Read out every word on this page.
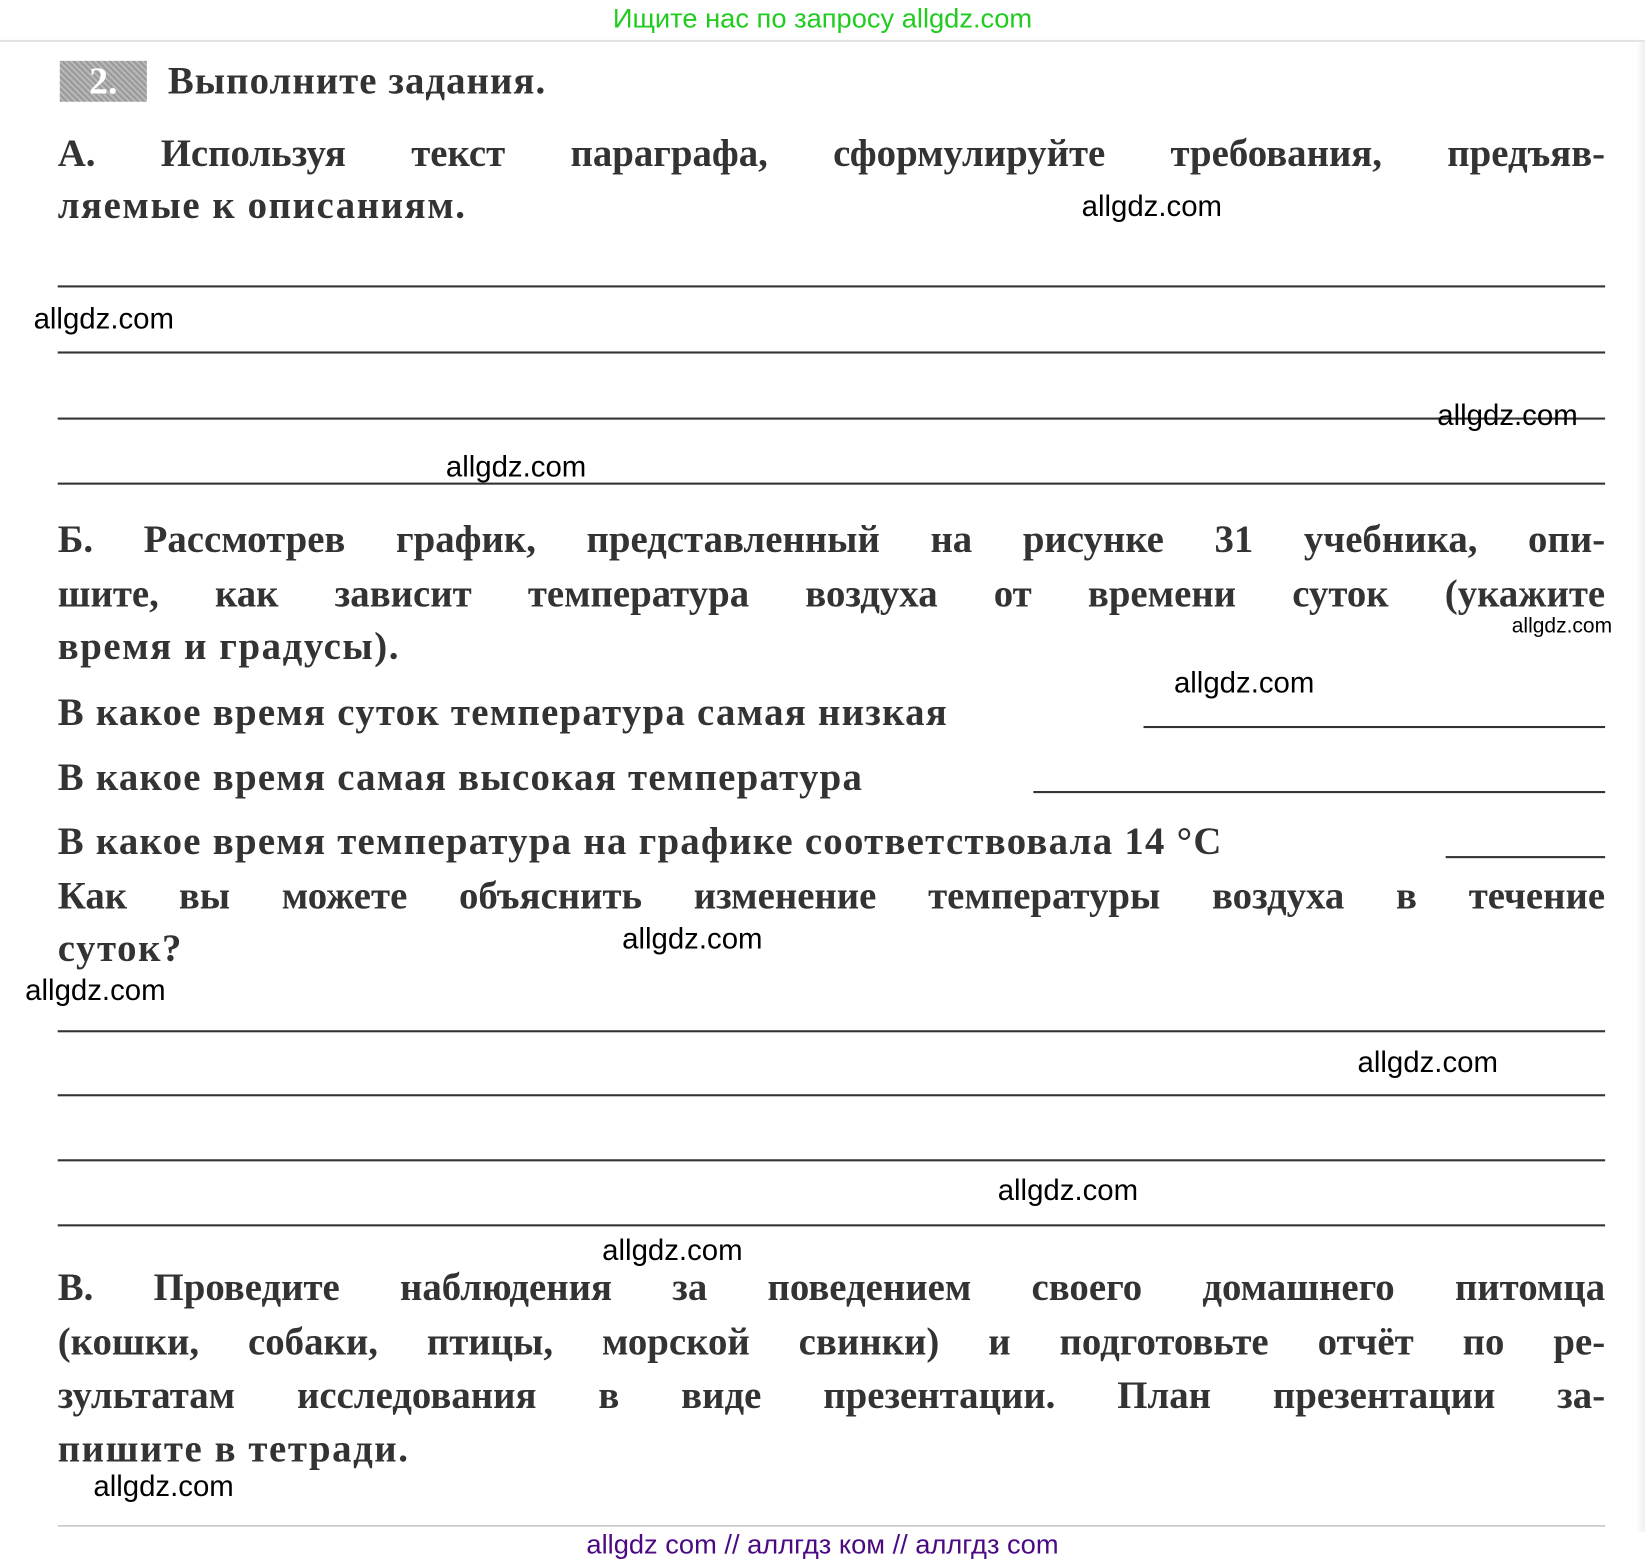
Ищите нас по запросу allgdz.com
2.	Выполните задания.
А. Используя текст параграфа, сформулируйте требования, предъяв-
ляемые к описаниям.
Б. Рассмотрев график, представленный на рисунке 31 учебника, опи-
шите, как зависит температура воздуха от времени суток (укажите
время и градусы).
В какое время суток температура самая низкая
В какое время самая высокая температура
В какое время температура на графике соответствовала 14 °С
Как вы можете объяснить изменение температуры воздуха в течение
суток?
В. Проведите наблюдения за поведением своего домашнего питомца
(кошки, собаки, птицы, морской свинки) и подготовьте отчёт по ре-
зультатам исследования в виде презентации. План презентации за-
пишите в тетради.
allgdz.com
allgdz.com
allgdz.com
allgdz.com
allgdz.com
allgdz.com
allgdz.com
allgdz.com
allgdz.com
allgdz.com
allgdz.com
allgdz.com
allgdz com // аллгдз ком // аллгдз com
